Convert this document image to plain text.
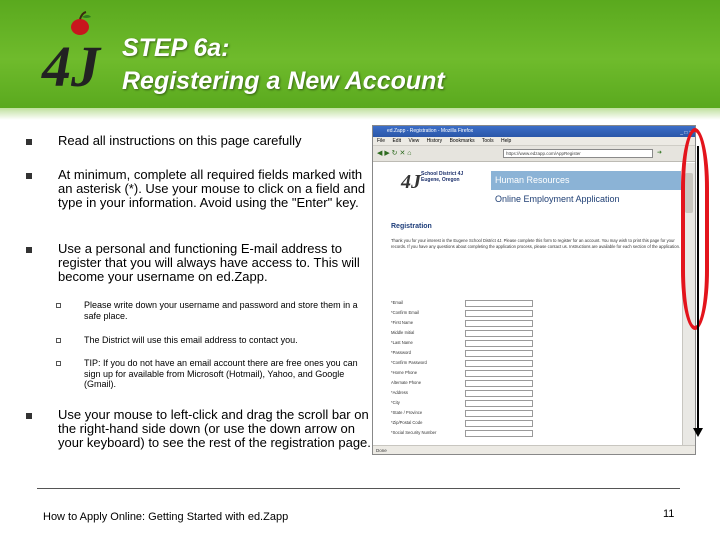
4J STEP 6a:
Registering a New Account
Read all instructions on this page carefully
At minimum, complete all required fields marked with an asterisk (*). Use your mouse to click on a field and type in your information. Avoid using the "Enter" key.
Use a personal and functioning E-mail address to register that you will always have access to. This will become your username on ed.Zapp.
Please write down your username and password and store them in a safe place.
The District will use this email address to contact you.
TIP: If you do not have an email account there are free ones you can sign up for available from Microsoft (Hotmail), Yahoo, and Google (Gmail).
Use your mouse to left-click and drag the scroll bar on the right-hand side down (or use the down arrow on your keyboard) to see the rest of the registration page.
ed.Zapp - Registration - Mozilla Firefox	_ □ ✕
File Edit View History Bookmarks Tools Help
◀ ▶ ↻ ✕ ⌂	https://www.edzapp.com/AppRegister	➜
4J School District 4J
Eugene, Oregon	Human Resources
Online Employment Application
Registration
Thank you for your interest in the Eugene School District 4J. Please complete this form to register for an account. You may wish to print this page for your records. If you have any questions about completing the application process, please contact us. Instructions are available for each section of the application.
*Email
*Confirm Email
*First Name
Middle Initial
*Last Name
*Password
*Confirm Password
*Home Phone
Alternate Phone
*Address
*City
*State / Province
*Zip/Postal Code
*Social Security Number
Done
How to Apply Online: Getting Started with ed.Zapp	11
